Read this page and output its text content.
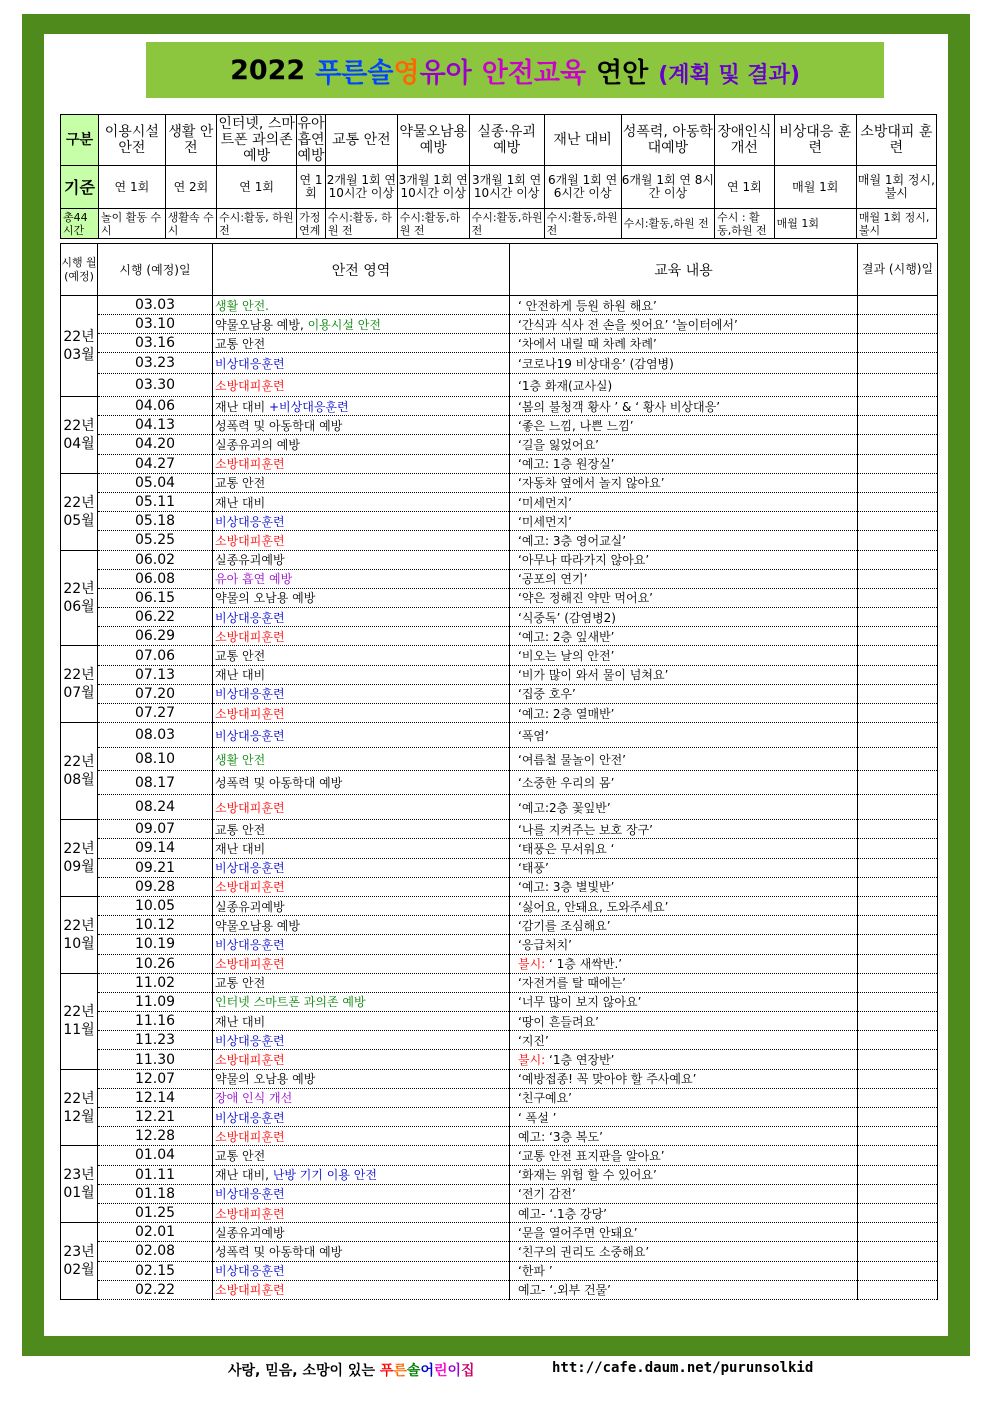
2022 푸른솔영유아 안전교육 연안 (계획 및 결과)
구분	이용시설 안전	생활 안전	인터넷, 스마트폰 과의존 예방	유아 흡연 예방	교통 안전	약물오남용 예방	실종·유괴 예방	재난 대비	성폭력, 아동학대예방	장애인식 개선	비상대응 훈련	소방대피 훈련
기준	연 1회	연 2회	연 1회	연 1회	2개월 1회 연 10시간 이상	3개월 1회 연 10시간 이상	3개월 1회 연 10시간 이상	6개월 1회 연 6시간 이상	6개월 1회 연 8시간 이상	연 1회	매월 1회	매월 1회 정시, 불시
총44 시간	놀이 활동 수시	생활속 수시	수시:활동, 하원 전	가정 연계	수시:활동, 하원 전	수시:활동,하원 전	수시:활동,하원 전	수시:활동,하원 전	수시:활동,하원 전	수시 : 활동,하원 전	매월 1회	매월 1회 정시, 불시
시행 월 (예정)	시행 (예정)일	안전 영역	교육 내용	결과 (시행)일
22년 03월	03.03	생활 안전.	‘ 안전하게 등원 하원 해요’	
	03.10	약물오남용 예방, 이용시설 안전	‘간식과 식사 전 손을 씻어요’ ‘놀이터에서’	
	03.16	교통 안전	‘차에서 내릴 때 차례 차례’	
	03.23	비상대응훈련	‘코로나19 비상대응’ (감염병)	
	03.30	소방대피훈련	‘1층 화재(교사실)	
22년 04월	04.06	재난 대비 +비상대응훈련	‘봄의 불청객 황사 ’ & ‘ 황사 비상대응’	
	04.13	성폭력 및 아동학대 예방	‘좋은 느낌, 나쁜 느낌’	
	04.20	실종유괴의 예방	‘길을 잃었어요’	
	04.27	소방대피훈련	‘예고: 1층 원장실’	
22년 05월	05.04	교통 안전	‘자동차 옆에서 놀지 않아요’	
	05.11	재난 대비	‘미세먼지’	
	05.18	비상대응훈련	‘미세먼지’	
	05.25	소방대피훈련	‘예고: 3층 영어교실’	
22년 06월	06.02	실종유괴예방	‘아무나 따라가지 않아요’	
	06.08	유아 흡연 예방	‘공포의 연기’	
	06.15	약물의 오남용 예방	‘약은 정해진 약만 먹어요’	
	06.22	비상대응훈련	‘식중독’ (감염병2)	
	06.29	소방대피훈련	‘예고: 2층 잎새반’	
22년 07월	07.06	교통 안전	‘비오는 날의 안전’	
	07.13	재난 대비	‘비가 많이 와서 물이 넘쳐요’	
	07.20	비상대응훈련	‘집중 호우’	
	07.27	소방대피훈련	‘예고: 2층 열매반’	
22년 08월	08.03	비상대응훈련	‘폭염’	
	08.10	생활 안전	‘여름철 물놀이 안전’	
	08.17	성폭력 및 아동학대 예방	‘소중한 우리의 몸’	
	08.24	소방대피훈련	‘예고:2층 꽃잎반’	
22년 09월	09.07	교통 안전	‘나를 지켜주는 보호 장구’	
	09.14	재난 대비	‘태풍은 무서워요 ‘	
	09.21	비상대응훈련	‘태풍’	
	09.28	소방대피훈련	‘예고: 3층 별빛반’	
22년 10월	10.05	실종유괴예방	‘싫어요, 안돼요, 도와주세요’	
	10.12	약물오남용 예방	‘감기를 조심해요’	
	10.19	비상대응훈련	‘응급처치’	
	10.26	소방대피훈련	불시: ‘ 1층 새싹반.’	
22년 11월	11.02	교통 안전	‘자전거를 탈 때에는’	
	11.09	인터넷 스마트폰 과의존 예방	‘너무 많이 보지 않아요’	
	11.16	재난 대비	‘땅이 흔들려요’	
	11.23	비상대응훈련	‘지진’	
	11.30	소방대피훈련	불시: ‘1층 연장반’	
22년 12월	12.07	약물의 오남용 예방	‘예방접종! 꼭 맞아야 할 주사예요’	
	12.14	장애 인식 개선	‘친구예요’	
	12.21	비상대응훈련	‘ 폭설 ’	
	12.28	소방대피훈련	예고: ‘3층 복도’	
23년 01월	01.04	교통 안전	‘교통 안전 표지판을 알아요’	
	01.11	재난 대비, 난방 기기 이용 안전	‘화재는 위험 할 수 있어요’	
	01.18	비상대응훈련	‘전기 감전’	
	01.25	소방대피훈련	예고- ‘.1층 강당’	
23년 02월	02.01	실종유괴예방	‘문을 열어주면 안돼요’	
	02.08	성폭력 및 아동학대 예방	‘친구의 권리도 소중해요’	
	02.15	비상대응훈련	‘한파 ’	
	02.22	소방대피훈련	예고- ‘.외부 건물’	
사랑, 믿음, 소망이 있는 푸른솔어린이집	htt://cafe.daum.net/purunsolkid
